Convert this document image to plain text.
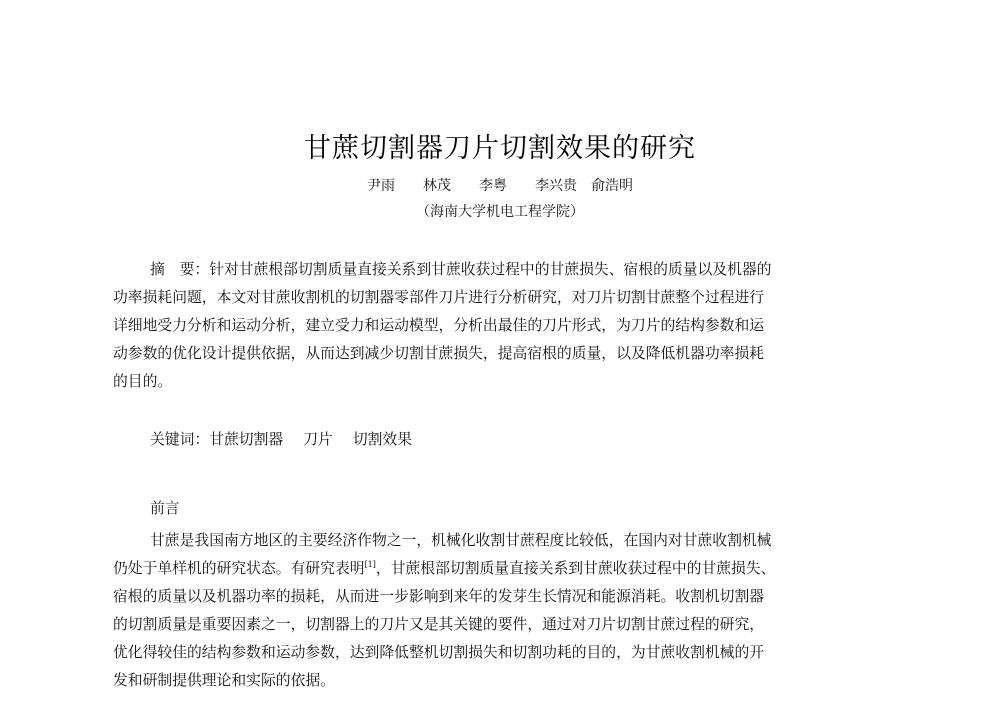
甘蔗切割器刀片切割效果的研究
尹雨　　林茂　　李粤　　李兴贵　俞浩明
（海南大学机电工程学院）
摘　要：针对甘蔗根部切割质量直接关系到甘蔗收获过程中的甘蔗损失、宿根的质量以及机器的
功率损耗问题，本文对甘蔗收割机的切割器零部件刀片进行分析研究，对刀片切割甘蔗整个过程进行
详细地受力分析和运动分析，建立受力和运动模型，分析出最佳的刀片形式，为刀片的结构参数和运
动参数的优化设计提供依据，从而达到减少切割甘蔗损失，提高宿根的质量，以及降低机器功率损耗
的目的。
关键词：甘蔗切割器 刀片 切割效果
前言
甘蔗是我国南方地区的主要经济作物之一，机械化收割甘蔗程度比较低，在国内对甘蔗收割机械
仍处于单样机的研究状态。有研究表明[1]，甘蔗根部切割质量直接关系到甘蔗收获过程中的甘蔗损失、
宿根的质量以及机器功率的损耗，从而进一步影响到来年的发芽生长情况和能源消耗。收割机切割器
的切割质量是重要因素之一，切割器上的刀片又是其关键的要件，通过对刀片切割甘蔗过程的研究，
优化得较佳的结构参数和运动参数，达到降低整机切割损失和切割功耗的目的，为甘蔗收割机械的开
发和研制提供理论和实际的依据。
